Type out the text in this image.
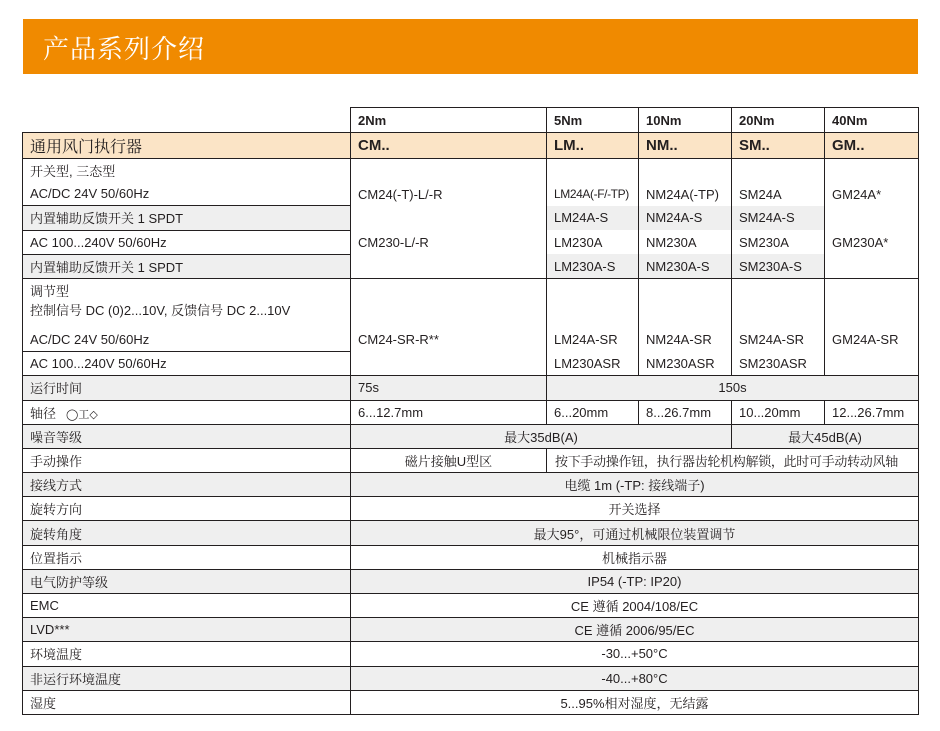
产品系列介绍
	2Nm	5Nm	10Nm	20Nm	40Nm
通用风门执行器	CM..	LM..	NM..	SM..	GM..
开关型, 三态型					
AC/DC 24V 50/60Hz	CM24(-T)-L/-R	LM24A(-F/-TP)	NM24A(-TP)	SM24A	GM24A*
内置辅助反馈开关 1 SPDT		LM24A-S	NM24A-S	SM24A-S	
AC 100...240V 50/60Hz	CM230-L/-R	LM230A	NM230A	SM230A	GM230A*
内置辅助反馈开关 1 SPDT		LM230A-S	NM230A-S	SM230A-S	

调节型
控制信号 DC (0)2...10V, 反馈信号 DC 2...10V					

AC/DC 24V 50/60Hz	CM24-SR-R**	LM24A-SR	NM24A-SR	SM24A-SR	GM24A-SR
AC 100...240V 50/60Hz		LM230ASR	NM230ASR	SM230ASR	
运行时间	75s	150s			
轴径 ◯工◇	6...12.7mm	6...20mm	8...26.7mm	10...20mm	12...26.7mm
噪音等级	最大35dB(A)			最大45dB(A)	
手动操作	磁片接触U型区	按下手动操作钮，执行器齿轮机构解锁，此时可手动转动风轴			
接线方式	电缆 1m (-TP: 接线端子)				
旋转方向	开关选择				
旋转角度	最大95°，可通过机械限位装置调节				
位置指示	机械指示器				
电气防护等级	IP54 (-TP: IP20)				
EMC	CE 遵循 2004/108/EC				
LVD***	CE 遵循 2006/95/EC				
环境温度	-30...+50°C				
非运行环境温度	-40...+80°C				
湿度	5...95%相对湿度，无结露				
